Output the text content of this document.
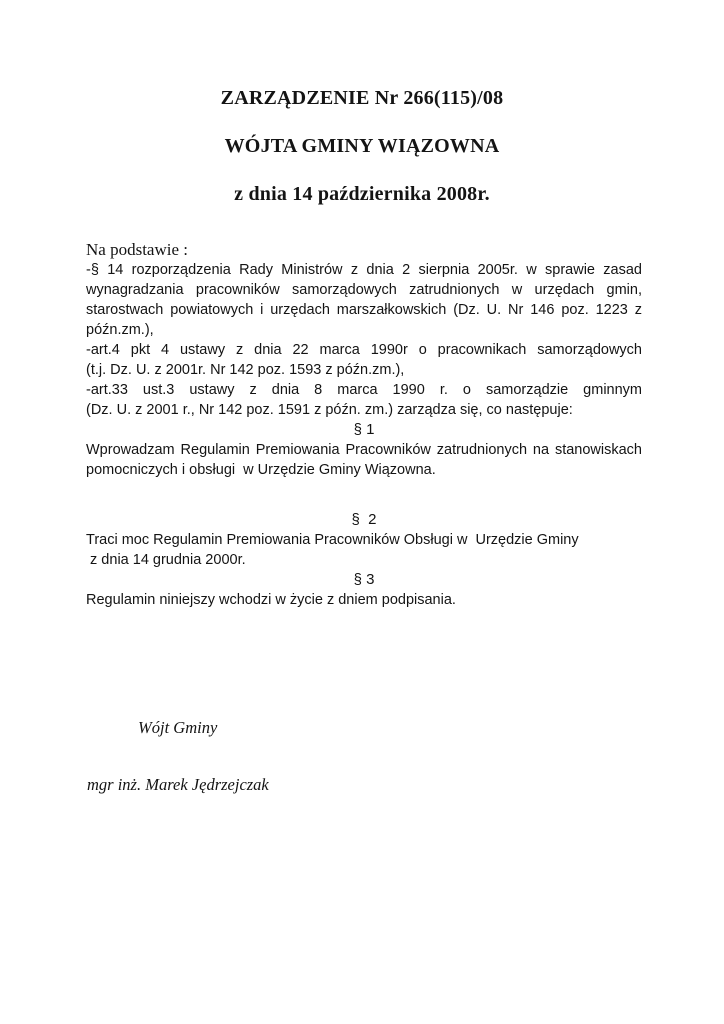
ZARZĄDZENIE Nr 266(115)/08
WÓJTA GMINY WIĄZOWNA
z dnia 14 października 2008r.
Na podstawie :
-§ 14 rozporządzenia Rady Ministrów z dnia 2 sierpnia 2005r. w sprawie zasad
wynagradzania pracowników samorządowych zatrudnionych w urzędach gmin,
starostwach powiatowych i urzędach marszałkowskich (Dz. U. Nr 146 poz. 1223 z
późn.zm.),
-art.4 pkt 4 ustawy z dnia 22 marca 1990r o pracownikach samorządowych
(t.j. Dz. U. z 2001r. Nr 142 poz. 1593 z późn.zm.),
-art.33 ust.3 ustawy z dnia 8 marca 1990 r. o samorządzie gminnym
(Dz. U. z 2001 r., Nr 142 poz. 1591 z późn. zm.) zarządza się, co następuje:
§ 1
Wprowadzam Regulamin Premiowania Pracowników zatrudnionych na stanowiskach
pomocniczych i obsługi  w Urzędzie Gminy Wiązowna.
§  2
Traci moc Regulamin Premiowania Pracowników Obsługi w  Urzędzie Gminy
z dnia 14 grudnia 2000r.
§ 3
Regulamin niniejszy wchodzi w życie z dniem podpisania.

Wójt Gminy

mgr inż. Marek Jędrzejczak
